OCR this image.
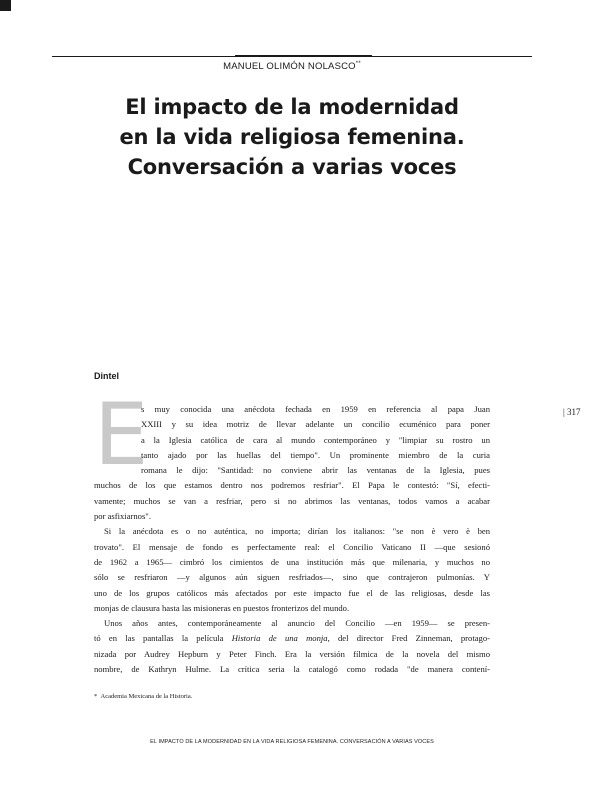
MANUEL OLIMÓN NOLASCO**
El impacto de la modernidad
en la vida religiosa femenina.
Conversación a varias voces
Dintel
| 317
E
s muy conocida una anécdota fechada en 1959 en referencia al papa Juan
XXIII y su idea motriz de llevar adelante un concilio ecuménico para poner
a la Iglesia católica de cara al mundo contemporáneo y "limpiar su rostro un
tanto ajado por las huellas del tiempo". Un prominente miembro de la curia
romana le dijo: "Santidad: no conviene abrir las ventanas de la Iglesia, pues
muchos de los que estamos dentro nos podremos resfriar". El Papa le contestó: "Sí, efecti-
vamente; muchos se van a resfriar, pero si no abrimos las ventanas, todos vamos a acabar
por asfixiarnos".
Si la anécdota es o no auténtica, no importa; dirían los italianos: "se non è vero è ben
trovato". El mensaje de fondo es perfectamente real: el Concilio Vaticano II —que sesionó
de 1962 a 1965— cimbró los cimientos de una institución más que milenaria, y muchos no
sólo se resfriaron —y algunos aún siguen resfriados—, sino que contrajeron pulmonías. Y
uno de los grupos católicos más afectados por este impacto fue el de las religiosas, desde las
monjas de clausura hasta las misioneras en puestos fronterizos del mundo.
Unos años antes, contemporáneamente al anuncio del Concilio —en 1959— se presen-
tó en las pantallas la película Historia de una monja, del director Fred Zinneman, protago-
nizada por Audrey Hepburn y Peter Finch. Era la versión fílmica de la novela del mismo
nombre, de Kathryn Hulme. La crítica seria la catalogó como rodada "de manera contení-
* Academia Mexicana de la Historia.
EL IMPACTO DE LA MODERNIDAD EN LA VIDA RELIGIOSA FEMENINA. CONVERSACIÓN A VARIAS VOCES
